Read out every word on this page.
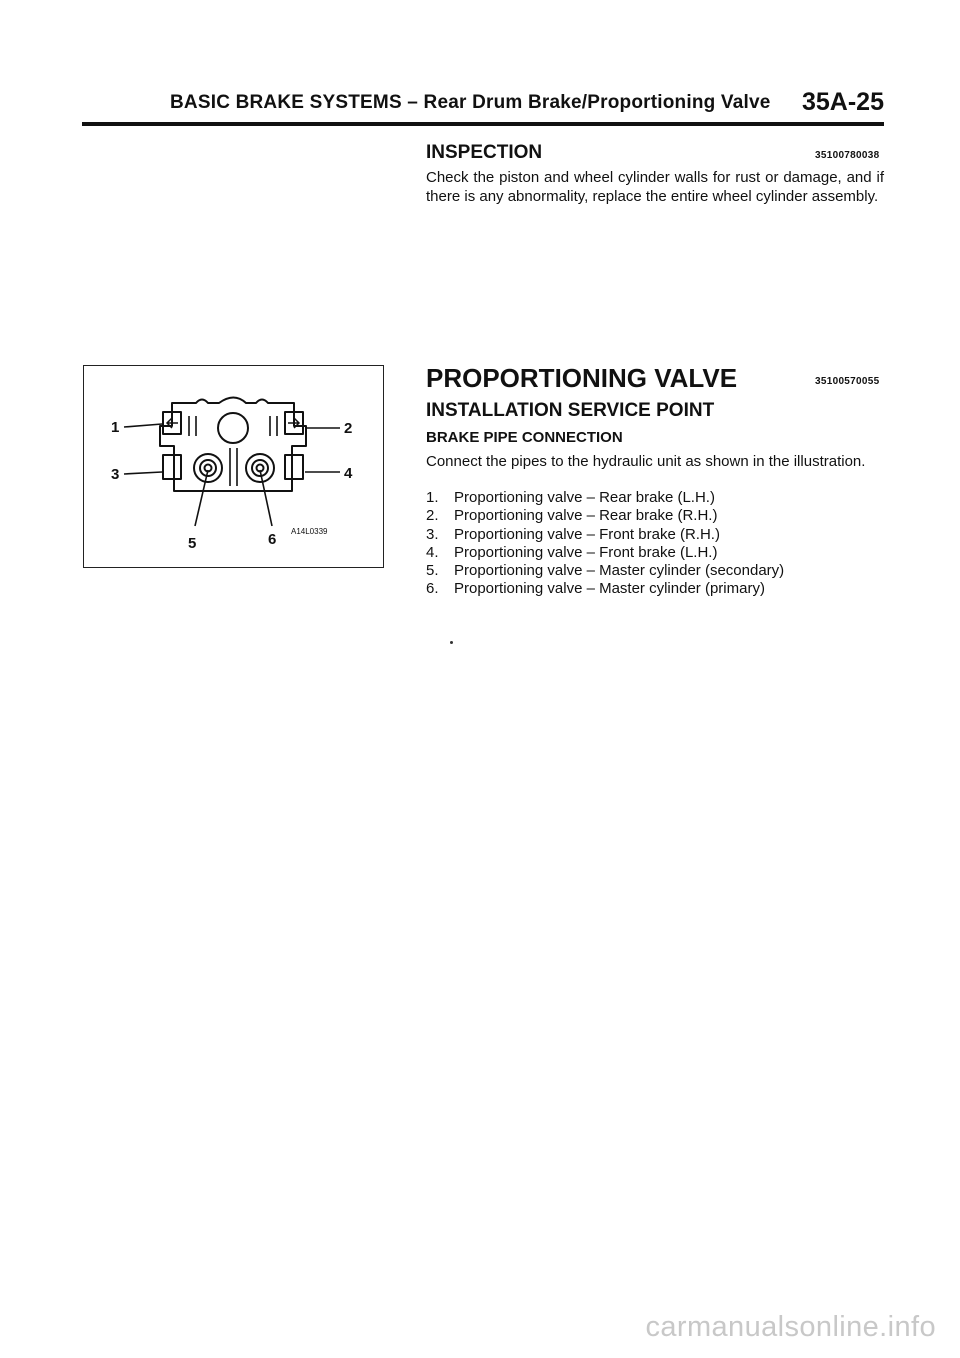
BASIC BRAKE SYSTEMS – Rear Drum Brake/Proportioning Valve 35A-25
INSPECTION	35100780038
Check the piston and wheel cylinder walls for rust or damage, and if there is any abnormality, replace the entire wheel cylinder assembly.
PROPORTIONING VALVE	35100570055
INSTALLATION SERVICE POINT
BRAKE PIPE CONNECTION
Connect the pipes to the hydraulic unit as shown in the illustration.
1. Proportioning valve – Rear brake (L.H.)
2. Proportioning valve – Rear brake (R.H.)
3. Proportioning valve – Front brake (R.H.)
4. Proportioning valve – Front brake (L.H.)
5. Proportioning valve – Master cylinder (secondary)
6. Proportioning valve – Master cylinder (primary)
1	2
3	4
5	6 A14L0339
carmanualsonline.info
